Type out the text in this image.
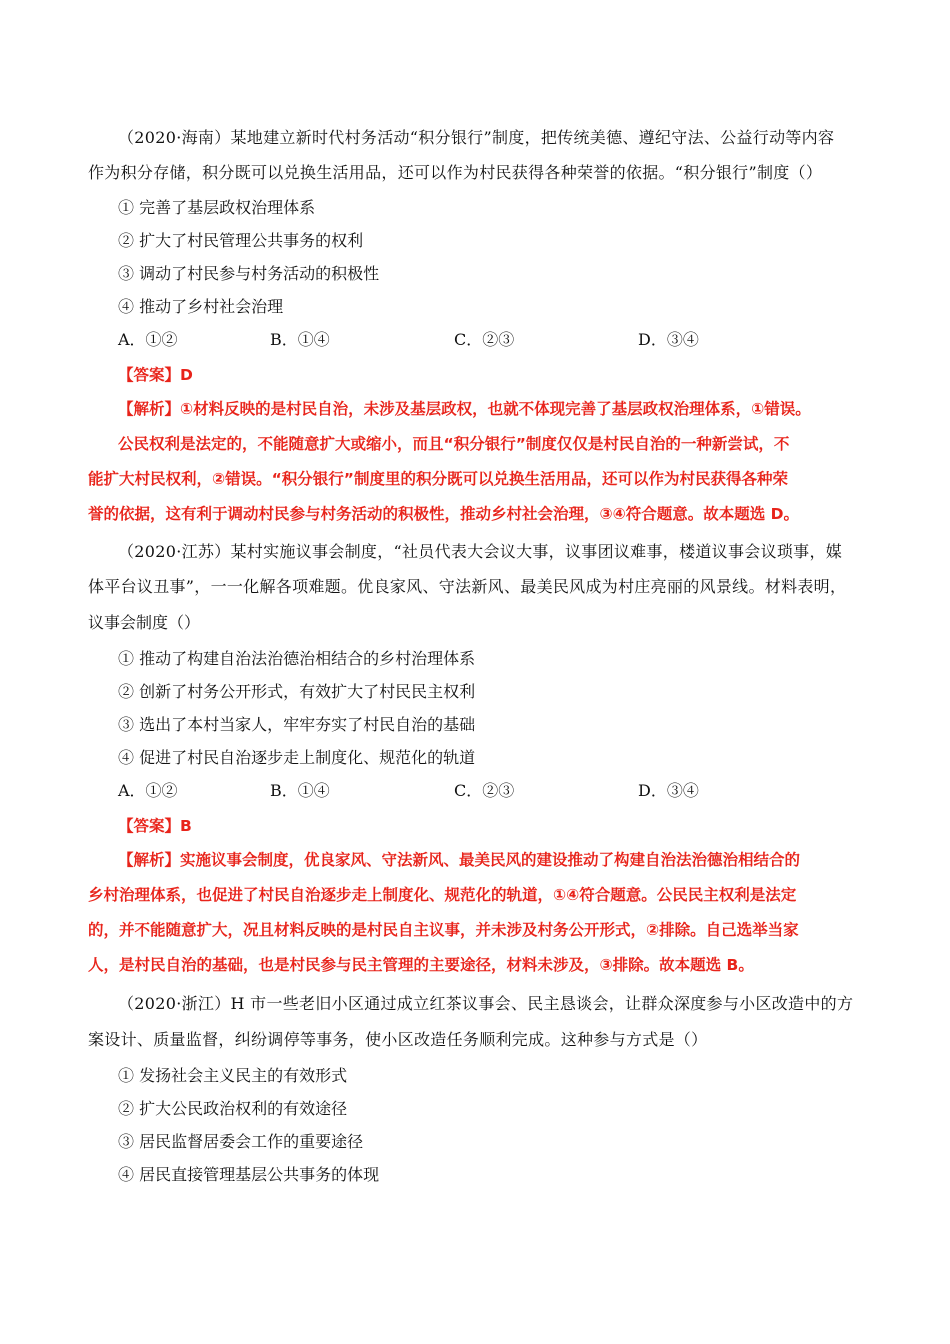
（2020·海南）某地建立新时代村务活动“积分银行”制度，把传统美德、遵纪守法、公益行动等内容
作为积分存储，积分既可以兑换生活用品，还可以作为村民获得各种荣誉的依据。“积分银行”制度（）
① 完善了基层政权治理体系
② 扩大了村民管理公共事务的权利
③ 调动了村民参与村务活动的积极性
④ 推动了乡村社会治理
A．①②	B．①④	C．②③	D．③④
【答案】D
【解析】①材料反映的是村民自治，未涉及基层政权，也就不体现完善了基层政权治理体系，①错误。
公民权利是法定的，不能随意扩大或缩小，而且“积分银行”制度仅仅是村民自治的一种新尝试，不
能扩大村民权利，②错误。“积分银行”制度里的积分既可以兑换生活用品，还可以作为村民获得各种荣
誉的依据，这有利于调动村民参与村务活动的积极性，推动乡村社会治理，③④符合题意。故本题选 D。
（2020·江苏）某村实施议事会制度，“社员代表大会议大事，议事团议难事，楼道议事会议琐事，媒
体平台议丑事”，一一化解各项难题。优良家风、守法新风、最美民风成为村庄亮丽的风景线。材料表明，
议事会制度（）
① 推动了构建自治法治德治相结合的乡村治理体系
② 创新了村务公开形式，有效扩大了村民民主权利
③ 选出了本村当家人，牢牢夯实了村民自治的基础
④ 促进了村民自治逐步走上制度化、规范化的轨道
A．①②	B．①④	C．②③	D．③④
【答案】B
【解析】实施议事会制度，优良家风、守法新风、最美民风的建设推动了构建自治法治德治相结合的
乡村治理体系，也促进了村民自治逐步走上制度化、规范化的轨道，①④符合题意。公民民主权利是法定
的，并不能随意扩大，况且材料反映的是村民自主议事，并未涉及村务公开形式，②排除。自己选举当家
人，是村民自治的基础，也是村民参与民主管理的主要途径，材料未涉及，③排除。故本题选 B。
（2020·浙江）H 市一些老旧小区通过成立红茶议事会、民主恳谈会，让群众深度参与小区改造中的方
案设计、质量监督，纠纷调停等事务，使小区改造任务顺利完成。这种参与方式是（）
① 发扬社会主义民主的有效形式
② 扩大公民政治权利的有效途径
③ 居民监督居委会工作的重要途径
④ 居民直接管理基层公共事务的体现
